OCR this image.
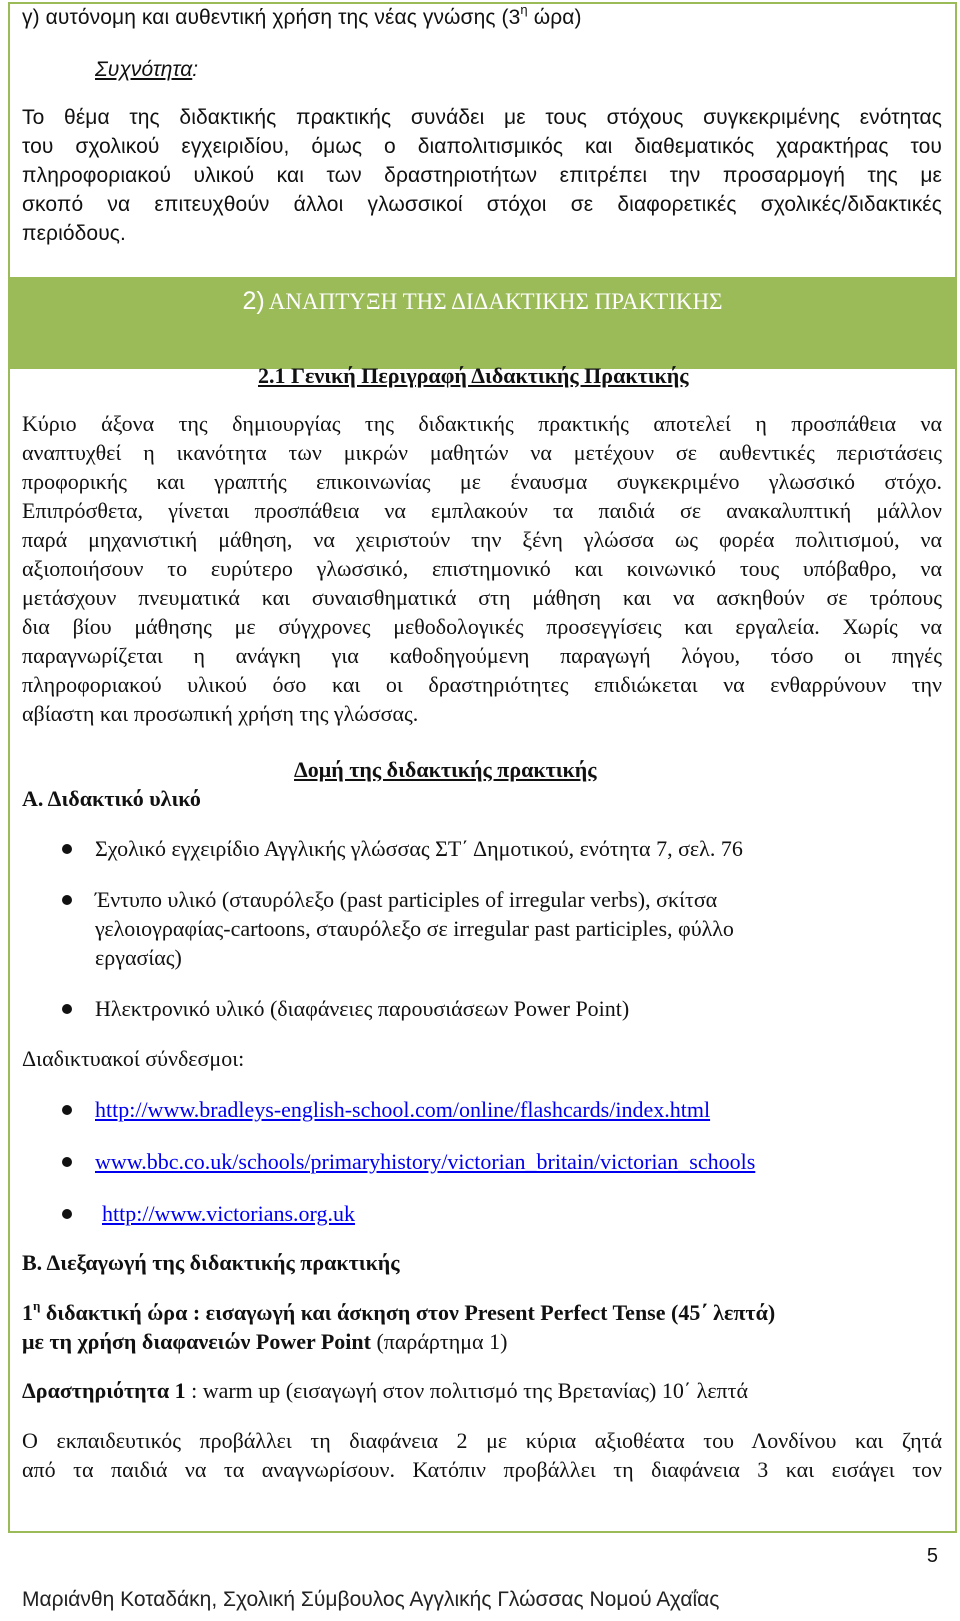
γ) αυτόνομη και αυθεντική χρήση της νέας γνώσης ($3^\eta$ ώρα)
Συχνότητα:
Το θέμα της διδακτικής πρακτικής συνάδει με τους στόχους συγκεκριμένης ενότητας
του σχολικού εγχειριδίου, όμως ο διαπολιτισμικός και διαθεματικός χαρακτήρας του
πληροφοριακού υλικού και των δραστηριοτήτων επιτρέπει την προσαρμογή της με
σκοπό να επιτευχθούν άλλοι γλωσσικοί στόχοι σε διαφορετικές σχολικές/διδακτικές
περιόδους.
2) ΑΝΑΠΤΥΞΗ ΤΗΣ ΔΙΔΑΚΤΙΚΗΣ ΠΡΑΚΤΙΚΗΣ
2.1 Γενική Περιγραφή Διδακτικής Πρακτικής
Κύριο άξονα της δημιουργίας της διδακτικής πρακτικής αποτελεί η προσπάθεια να
αναπτυχθεί η ικανότητα των μικρών μαθητών να μετέχουν σε αυθεντικές περιστάσεις
προφορικής και γραπτής επικοινωνίας με έναυσμα συγκεκριμένο γλωσσικό στόχο.
Επιπρόσθετα, γίνεται προσπάθεια να εμπλακούν τα παιδιά σε ανακαλυπτική μάλλον
παρά μηχανιστική μάθηση, να χειριστούν την ξένη γλώσσα ως φορέα πολιτισμού, να
αξιοποιήσουν το ευρύτερο γλωσσικό, επιστημονικό και κοινωνικό τους υπόβαθρο, να
μετάσχουν πνευματικά και συναισθηματικά στη μάθηση και να ασκηθούν σε τρόπους
δια βίου μάθησης με σύγχρονες μεθοδολογικές προσεγγίσεις και εργαλεία. Χωρίς να
παραγνωρίζεται η ανάγκη για καθοδηγούμενη παραγωγή λόγου, τόσο οι πηγές
πληροφοριακού υλικού όσο και οι δραστηριότητες επιδιώκεται να ενθαρρύνουν την
αβίαστη και προσωπική χρήση της γλώσσας.
Δομή της διδακτικής πρακτικής
Α. Διδακτικό υλικό
Σχολικό εγχειρίδιο Αγγλικής γλώσσας ΣΤ΄ Δημοτικού, ενότητα 7, σελ. 76
Έντυπο υλικό (σταυρόλεξο (past participles of irregular verbs), σκίτσα
γελοιογραφίας-cartoons, σταυρόλεξο σε irregular past participles, φύλλο
εργασίας)
Ηλεκτρονικό υλικό (διαφάνειες παρουσιάσεων Power Point)
Διαδικτυακοί σύνδεσμοι:
http://www.bradleys-english-school.com/online/flashcards/index.html
www.bbc.co.uk/schools/primaryhistory/victorian_britain/victorian_schools
http://www.victorians.org.uk
Β. Διεξαγωγή της διδακτικής πρακτικής
$1^\eta$ διδακτική ώρα : εισαγωγή και άσκηση στον Present Perfect Tense (45΄ λεπτά)
με τη χρήση διαφανειών Power Point (παράρτημα 1)
Δραστηριότητα 1 : warm up (εισαγωγή στον πολιτισμό της Βρετανίας) 10΄ λεπτά
Ο εκπαιδευτικός προβάλλει τη διαφάνεια 2 με κύρια αξιοθέατα του Λονδίνου και ζητά
από τα παιδιά να τα αναγνωρίσουν. Κατόπιν προβάλλει τη διαφάνεια 3 και εισάγει τον
5
Μαριάνθη Κοταδάκη, Σχολική Σύμβουλος Αγγλικής Γλώσσας Νομού Αχαΐας
